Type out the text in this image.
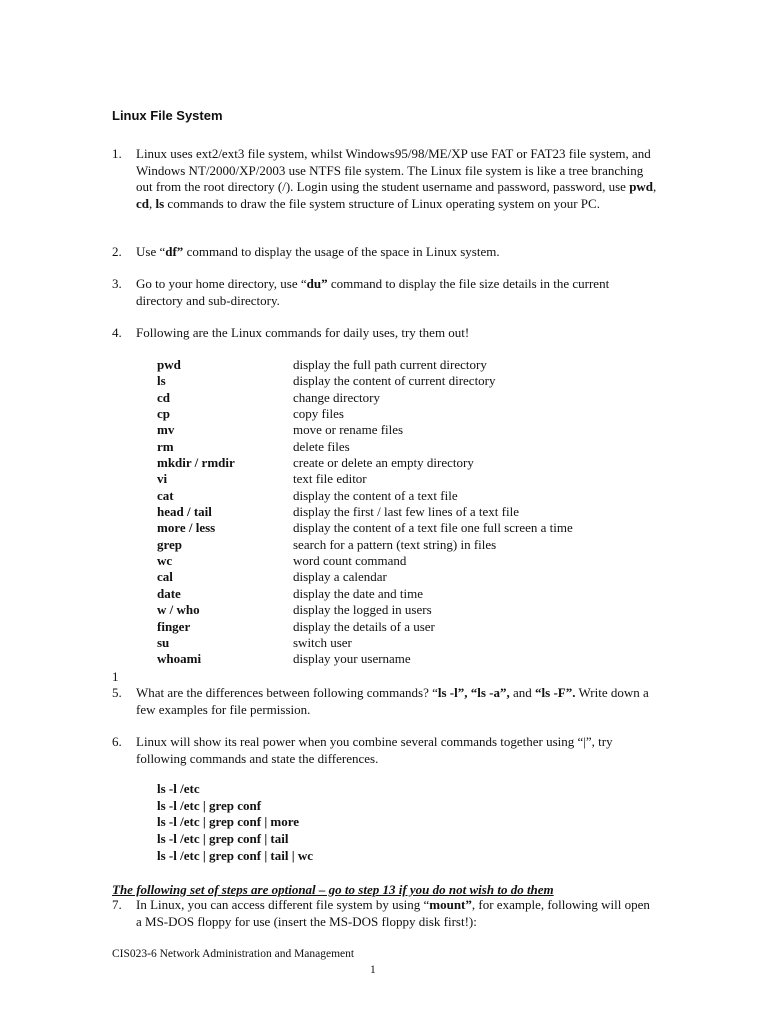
Linux File System
1. Linux uses ext2/ext3 file system, whilst Windows95/98/ME/XP use FAT or FAT23 file system, and Windows NT/2000/XP/2003 use NTFS file system. The Linux file system is like a tree branching out from the root directory (/). Login using the student username and password, password, use pwd, cd, ls commands to draw the file system structure of Linux operating system on your PC.
2. Use “df” command to display the usage of the space in Linux system.
3. Go to your home directory, use “du” command to display the file size details in the current directory and sub-directory.
4. Following are the Linux commands for daily uses, try them out!
pwd	display the full path current directory
ls	display the content of current directory
cd	change directory
cp	copy files
mv	move or rename files
rm	delete files
mkdir / rmdir	create or delete an empty directory
vi	text file editor
cat	display the content of a text file
head / tail	display the first / last few lines of a text file
more / less	display the content of a text file one full screen a time
grep	search for a pattern (text string) in files
wc	word count command
cal	display a calendar
date	display the date and time
w / who	display the logged in users
finger	display the details of a user
su	switch user
whoami	display your username
1
5. What are the differences between following commands? “ls -l”, “ls -a”, and “ls -F”. Write down a few examples for file permission.
6. Linux will show its real power when you combine several commands together using “|”, try following commands and state the differences.
ls -l /etc
ls -l /etc | grep conf
ls -l /etc | grep conf | more
ls -l /etc | grep conf | tail
ls -l /etc | grep conf | tail | wc
The following set of steps are optional – go to step 13 if you do not wish to do them
7. In Linux, you can access different file system by using “mount”, for example, following will open a MS-DOS floppy for use (insert the MS-DOS floppy disk first!):
CIS023-6 Network Administration and Management
1
